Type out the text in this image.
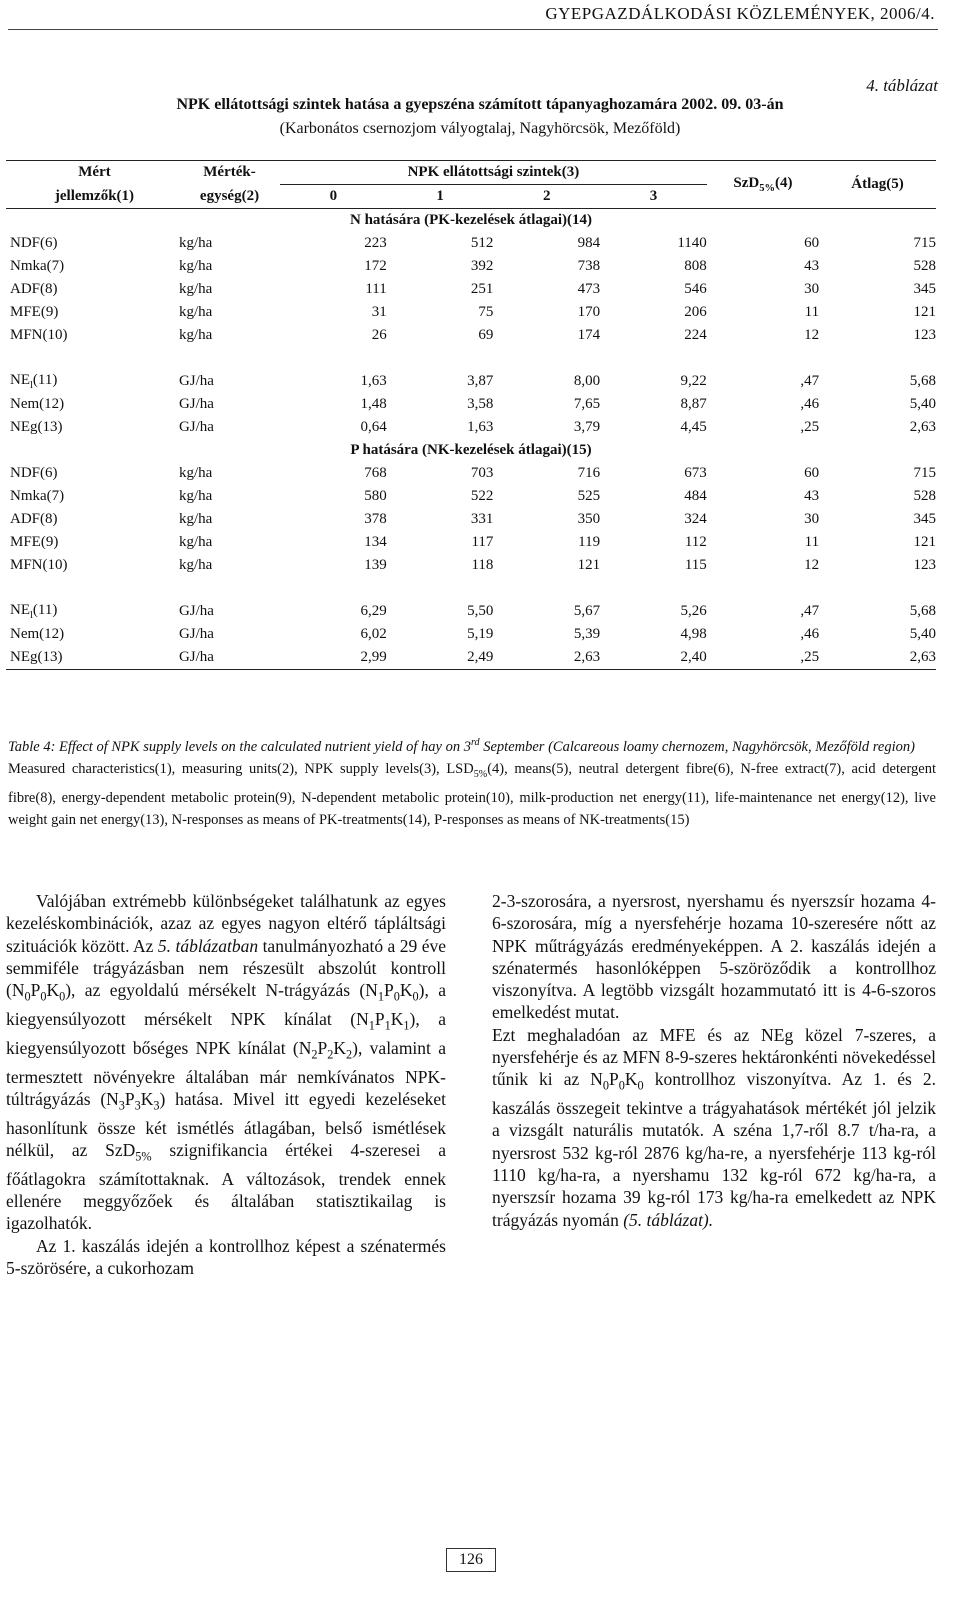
GYEPGAZDÁLKODÁSI KÖZLEMÉNYEK, 2006/4.
4. táblázat
NPK ellátottsági szintek hatása a gyepszéna számított tápanyaghozamára 2002. 09. 03-án
(Karbonátos csernozjom vályogtalaj, Nagyhörcsök, Mezőföld)
Mért	Mérték-	NPK ellátottsági szintek(3)				SzD$_{5\%}$(4)	Átlag(5)
jellemzők(1)	egység(2)	0	1	2	3		
N hatására (PK-kezelések átlagai)(14)							
NDF(6)	kg/ha	223	512	984	1140	60	715
Nmka(7)	kg/ha	172	392	738	808	43	528
ADF(8)	kg/ha	111	251	473	546	30	345
MFE(9)	kg/ha	31	75	170	206	11	121
MFN(10)	kg/ha	26	69	174	224	12	123

$NE_l(11)$	GJ/ha	1,63	3,87	8,00	9,22	,47	5,68
Nem(12)	GJ/ha	1,48	3,58	7,65	8,87	,46	5,40
NEg(13)	GJ/ha	0,64	1,63	3,79	4,45	,25	2,63
P hatására (NK-kezelések átlagai)(15)							
NDF(6)	kg/ha	768	703	716	673	60	715
Nmka(7)	kg/ha	580	522	525	484	43	528
ADF(8)	kg/ha	378	331	350	324	30	345
MFE(9)	kg/ha	134	117	119	112	11	121
MFN(10)	kg/ha	139	118	121	115	12	123

$NE_l(11)$	GJ/ha	6,29	5,50	5,67	5,26	,47	5,68
Nem(12)	GJ/ha	6,02	5,19	5,39	4,98	,46	5,40
NEg(13)	GJ/ha	2,99	2,49	2,63	2,40	,25	2,63
Table 4: Effect of NPK supply levels on the calculated nutrient yield of hay on 3rd September (Calcareous loamy chernozem, Nagyhörcsök, Mezőföld region)
Measured characteristics(1), measuring units(2), NPK supply levels(3), $LSD_{5\%}(4)$, means(5), neutral detergent fibre(6), N-free extract(7), acid detergent fibre(8), energy-dependent metabolic protein(9), N-dependent metabolic protein(10), milk-production net energy(11), life-maintenance net energy(12), live weight gain net energy(13), N-responses as means of PK-treatments(14), P-responses as means of NK-treatments(15)

Valójában extrémebb különbségeket találhatunk az egyes kezeléskombinációk, azaz az egyes nagyon eltérő tápláltsági szituációk között. Az 5. táblázatban tanulmányozható a 29 éve semmiféle trágyázásban nem részesült abszolút kontroll $(N_0P_0K_0)$, az egyoldalú mérsékelt N-trágyázás $(N_1P_0K_0)$, a kiegyensúlyozott mérsékelt NPK kínálat $(N_1P_1K_1)$, a kiegyensúlyozott bőséges NPK kínálat $(N_2P_2K_2)$, valamint a termesztett növényekre általában már nemkívánatos NPK-túltrágyázás $(N_3P_3K_3)$ hatása. Mivel itt egyedi kezeléseket hasonlítunk össze két ismétlés átlagában, belső ismétlések nélkül, az SzD$_{5\%}$ szignifikancia értékei 4-szeresei a főátlagokra számítottaknak. A változások, trendek ennek ellenére meggyőzőek és általában statisztikailag is igazolhatók.

Az 1. kaszálás idején a kontrollhoz képest a szénatermés 5-szörösére, a cukorhozam

2-3-szorosára, a nyersrost, nyershamu és nyerszsír hozama 4-6-szorosára, míg a nyersfehérje hozama 10-szeresére nőtt az NPK műtrágyázás eredményeképpen. A 2. kaszálás idején a szénatermés hasonlóképpen 5-szöröződik a kontrollhoz viszonyítva. A legtöbb vizsgált hozammutató itt is 4-6-szoros emelkedést mutat.

Ezt meghaladóan az MFE és az NEg közel 7-szeres, a nyersfehérje és az MFN 8-9-szeres hektáronkénti növekedéssel tűnik ki az $N_0P_0K_0$ kontrollhoz viszonyítva. Az 1. és 2. kaszálás összegeit tekintve a trágyahatások mértékét jól jelzik a vizsgált naturális mutatók. A széna 1,7-ről 8.7 t/ha-ra, a nyersrost 532 kg-ról 2876 kg/ha-re, a nyersfehérje 113 kg-ról 1110 kg/ha-ra, a nyershamu 132 kg-ról 672 kg/ha-ra, a nyerszsír hozama 39 kg-ról 173 kg/ha-ra emelkedett az NPK trágyázás nyomán (5. táblázat).

126
